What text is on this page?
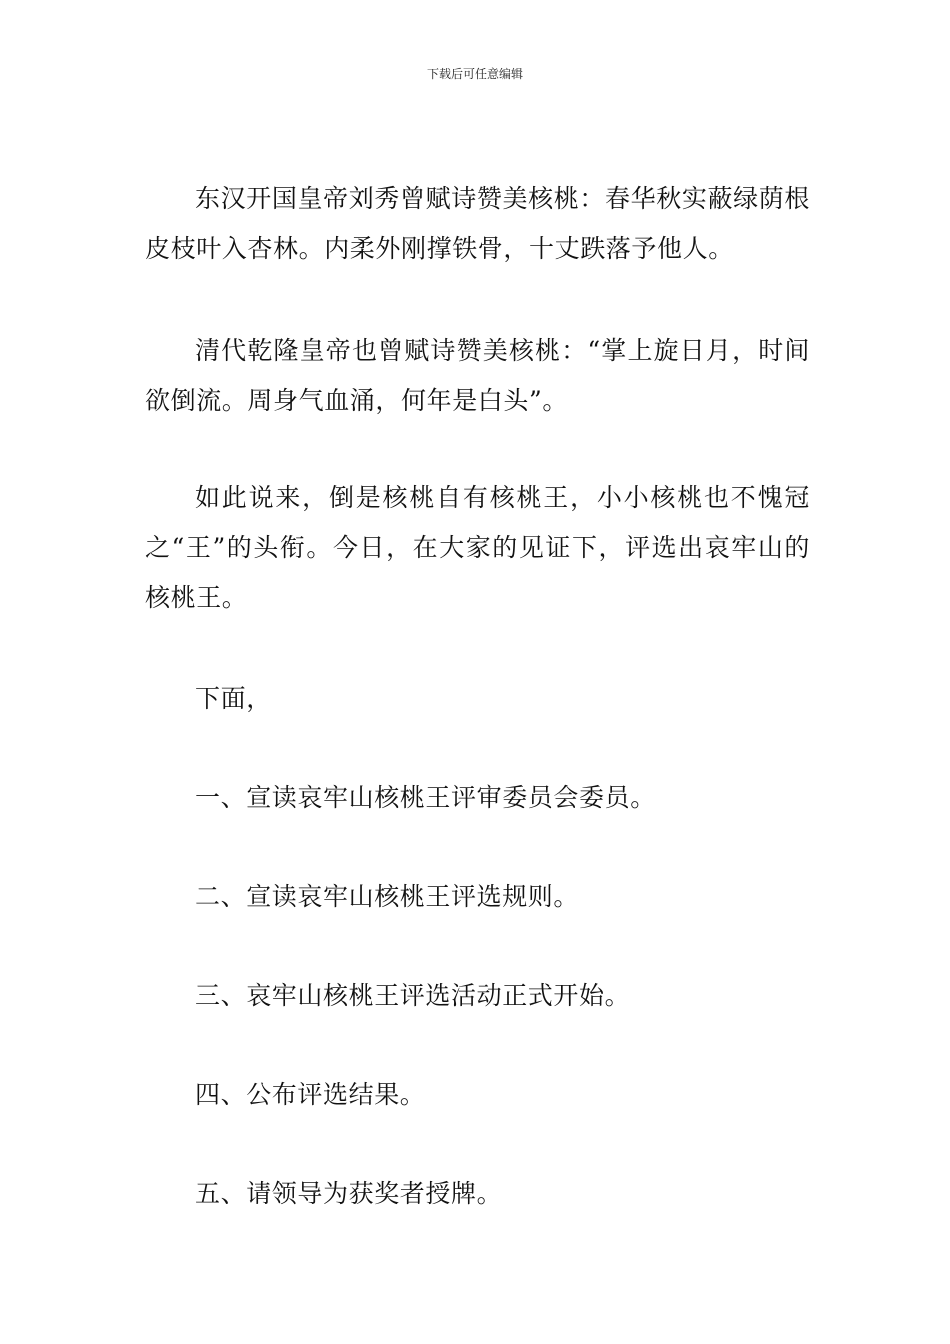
下载后可任意编辑

东汉开国皇帝刘秀曾赋诗赞美核桃：春华秋实蔽绿荫根皮枝叶入杏林。内柔外刚撑铁骨，十丈跌落予他人。

清代乾隆皇帝也曾赋诗赞美核桃：“掌上旋日月，时间欲倒流。周身气血涌，何年是白头”。

如此说来，倒是核桃自有核桃王，小小核桃也不愧冠之“王”的头衔。今日，在大家的见证下，评选出哀牢山的核桃王。

下面，

一、宣读哀牢山核桃王评审委员会委员。

二、宣读哀牢山核桃王评选规则。

三、哀牢山核桃王评选活动正式开始。

四、公布评选结果。

五、请领导为获奖者授牌。
